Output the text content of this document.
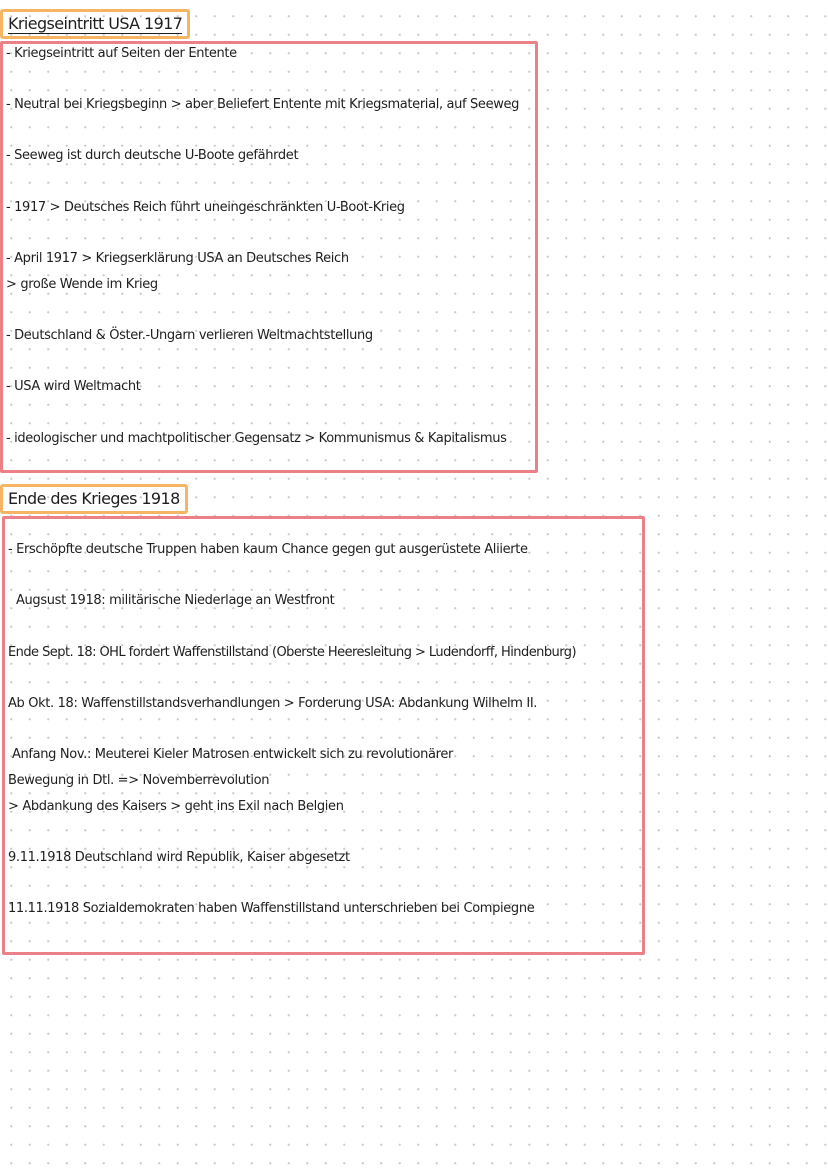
Kriegseintritt USA 1917
- Kriegseintritt auf Seiten der Entente
- Neutral bei Kriegsbeginn > aber Beliefert Entente mit Kriegsmaterial, auf Seeweg
- Seeweg ist durch deutsche U-Boote gefährdet
- 1917 > Deutsches Reich führt uneingeschränkten U-Boot-Krieg
- April 1917 > Kriegserklärung USA an Deutsches Reich
> große Wende im Krieg
- Deutschland & Öster.-Ungarn verlieren Weltmachtstellung
- USA wird Weltmacht
- ideologischer und machtpolitischer Gegensatz > Kommunismus & Kapitalismus
Ende des Krieges 1918
- Erschöpfte deutsche Truppen haben kaum Chance gegen gut ausgerüstete Aliierte
Augsust 1918: militärische Niederlage an Westfront
Ende Sept. 18: OHL fordert Waffenstillstand (Oberste Heeresleitung > Ludendorff, Hindenburg)
Ab Okt. 18: Waffenstillstandsverhandlungen > Forderung USA: Abdankung Wilhelm II.
Anfang Nov.: Meuterei Kieler Matrosen entwickelt sich zu revolutionärer
Bewegung in Dtl. => Novemberrevolution
> Abdankung des Kaisers > geht ins Exil nach Belgien
9.11.1918 Deutschland wird Republik, Kaiser abgesetzt
11.11.1918 Sozialdemokraten haben Waffenstillstand unterschrieben bei Compiegne
